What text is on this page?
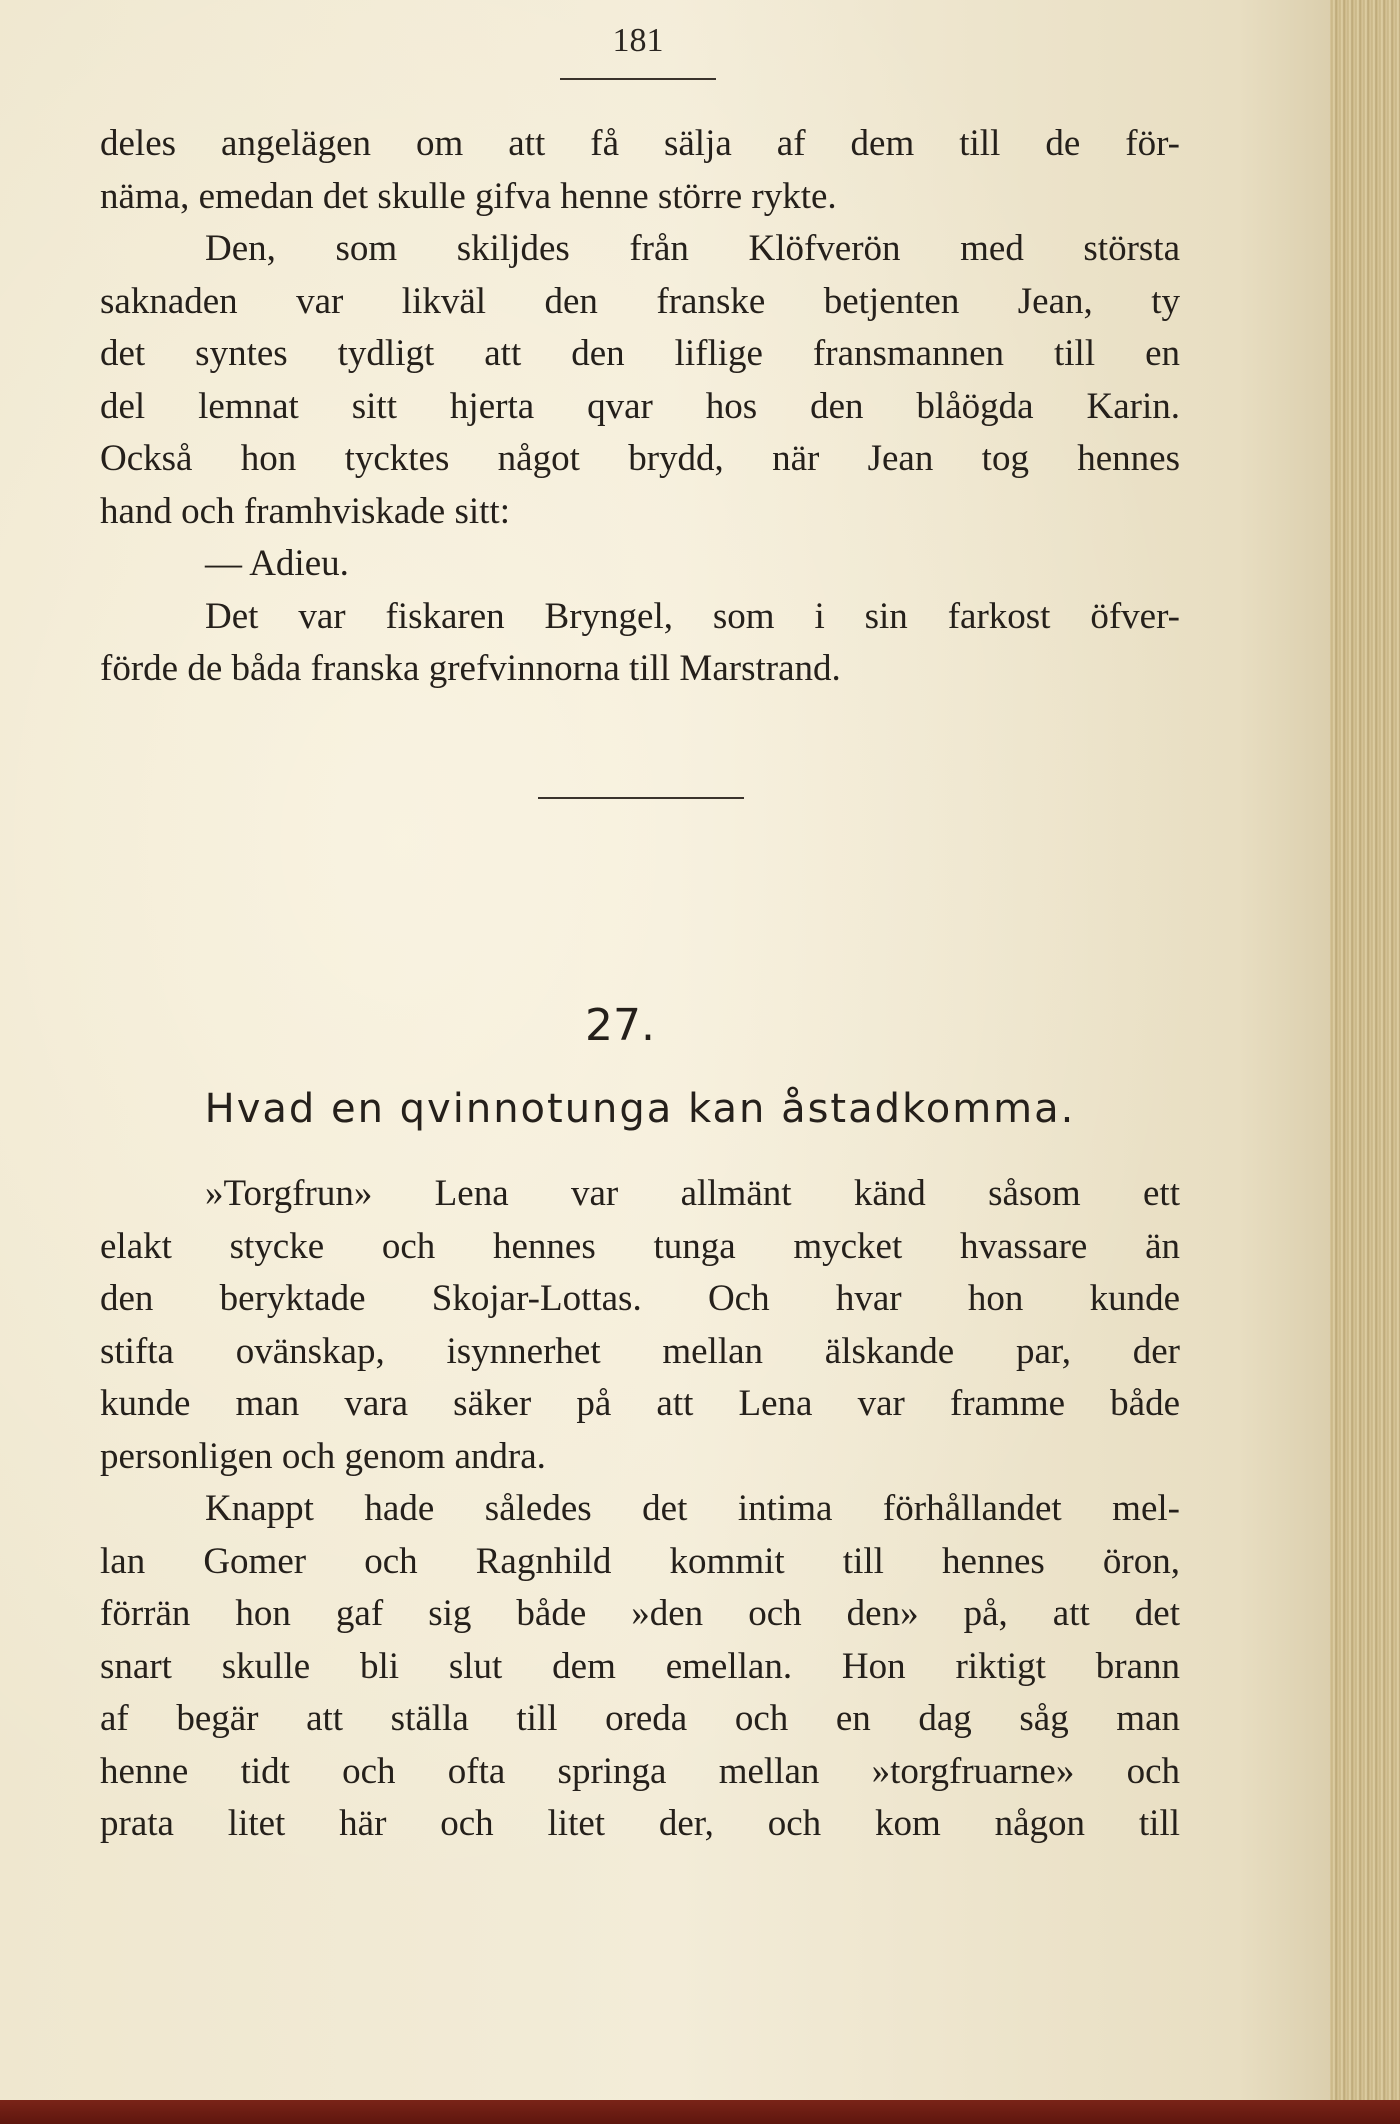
181

deles angelägen om att få sälja af dem till de för-
näma, emedan det skulle gifva henne större rykte.

Den, som skiljdes från Klöfverön med största
saknaden var likväl den franske betjenten Jean, ty
det syntes tydligt att den liflige fransmannen till en
del lemnat sitt hjerta qvar hos den blåögda Karin.
Också hon tycktes något brydd, när Jean tog hennes
hand och framhviskade sitt:

— Adieu.

Det var fiskaren Bryngel, som i sin farkost öfver-
förde de båda franska grefvinnorna till Marstrand.

27.
Hvad en qvinnotunga kan åstadkomma.

»Torgfrun» Lena var allmänt känd såsom ett
elakt stycke och hennes tunga mycket hvassare än
den beryktade Skojar-Lottas. Och hvar hon kunde
stifta ovänskap, isynnerhet mellan älskande par, der
kunde man vara säker på att Lena var framme både
personligen och genom andra.

Knappt hade således det intima förhållandet mel-
lan Gomer och Ragnhild kommit till hennes öron,
förrän hon gaf sig både »den och den» på, att det
snart skulle bli slut dem emellan. Hon riktigt brann
af begär att ställa till oreda och en dag såg man
henne tidt och ofta springa mellan »torgfruarne» och
prata litet här och litet der, och kom någon till
